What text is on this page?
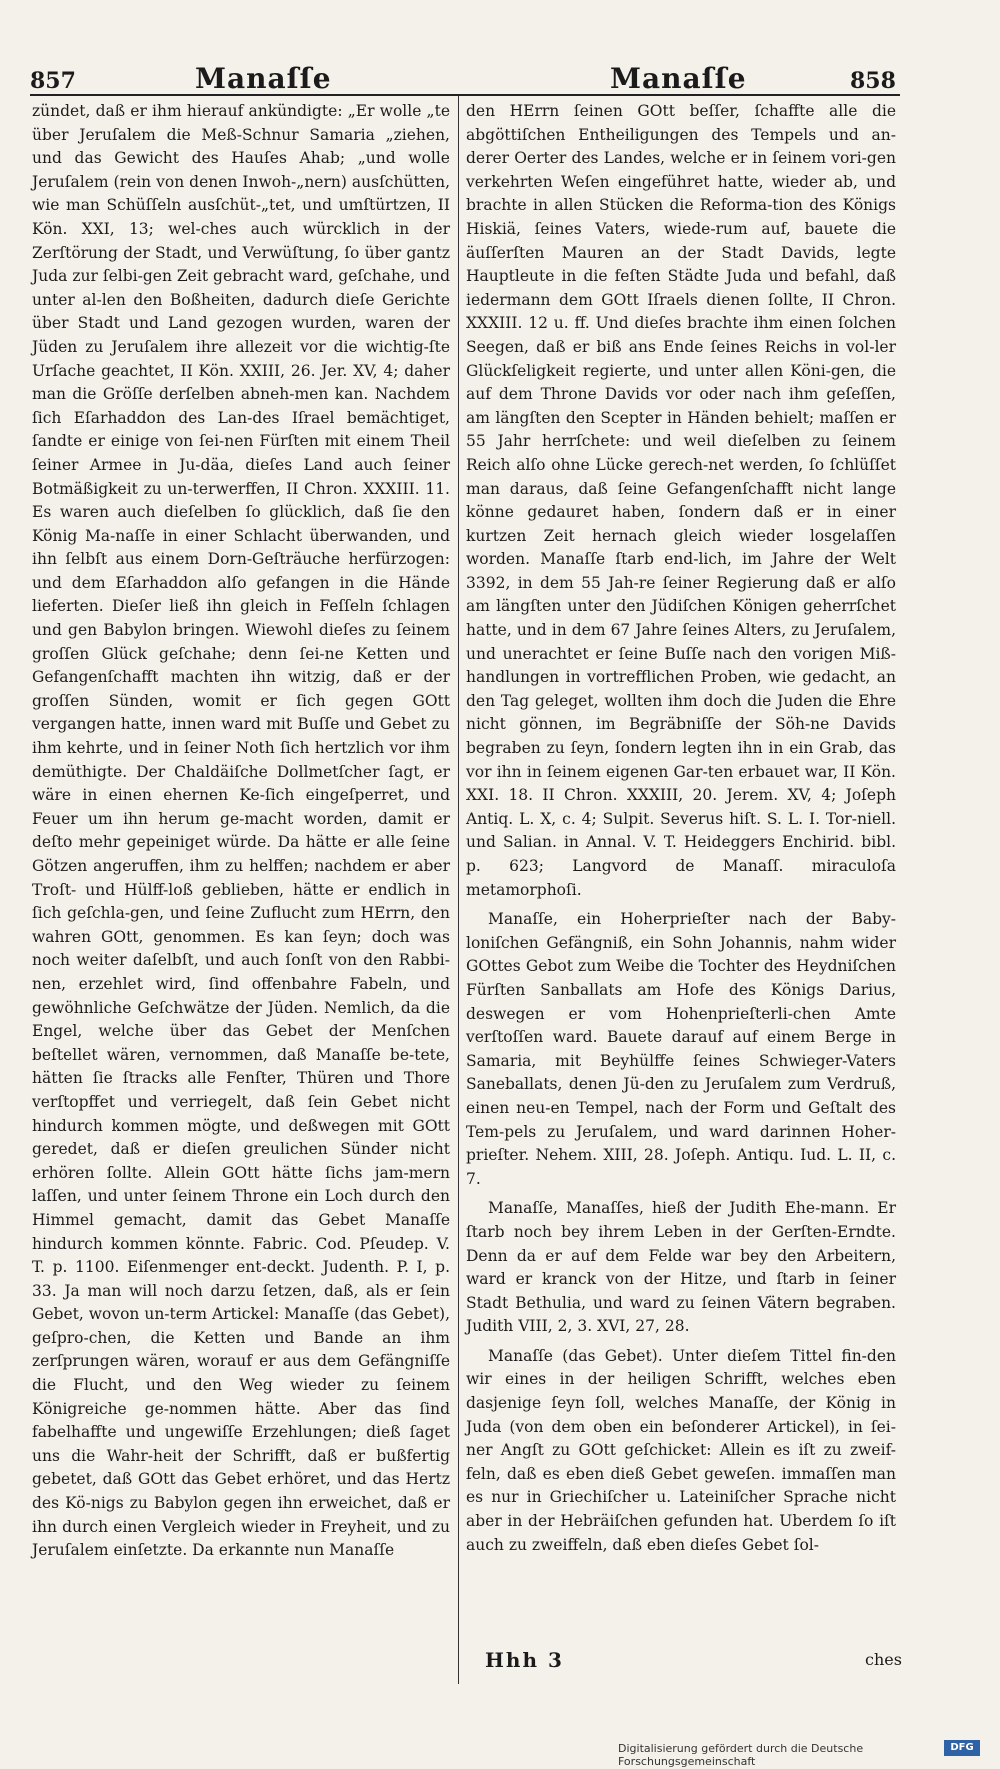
857	Manaſſe	Manaſſe	858

zündet, daß er ihm hierauf ankündigte: „Er wolle „te über Jeruſalem die Meß-Schnur Samaria „ziehen, und das Gewicht des Hauſes Ahab; „und wolle Jeruſalem (rein von denen Inwoh-„nern) ausſchütten, wie man Schüſſeln ausſchüt-„tet, und umſtürtzen, II Kön. XXI, 13; wel-ches auch würcklich in der Zerſtörung der Stadt, und Verwüſtung, ſo über gantz Juda zur ſelbi-gen Zeit gebracht ward, geſchahe, und unter al-len den Boßheiten, dadurch dieſe Gerichte über Stadt und Land gezogen wurden, waren der Jüden zu Jeruſalem ihre allezeit vor die wichtig-ſte Urſache geachtet, II Kön. XXIII, 26. Jer. XV, 4; daher man die Gröſſe derſelben abneh-men kan. Nachdem ſich Eſarhaddon des Lan-des Iſrael bemächtiget, ſandte er einige von ſei-nen Fürſten mit einem Theil ſeiner Armee in Ju-däa, dieſes Land auch ſeiner Botmäßigkeit zu un-terwerffen, II Chron. XXXIII. 11. Es waren auch dieſelben ſo glücklich, daß ſie den König Ma-naſſe in einer Schlacht überwanden, und ihn ſelbſt aus einem Dorn-Geſträuche herfürzogen: und dem Eſarhaddon alſo gefangen in die Hände lieferten. Dieſer ließ ihn gleich in Feſſeln ſchlagen und gen Babylon bringen. Wiewohl dieſes zu ſeinem groſſen Glück geſchahe; denn ſei-ne Ketten und Gefangenſchafft machten ihn witzig, daß er der groſſen Sünden, womit er ſich gegen GOtt vergangen hatte, innen ward mit Buſſe und Gebet zu ihm kehrte, und in ſeiner Noth ſich hertzlich vor ihm demüthigte. Der Chaldäiſche Dollmetſcher ſagt, er wäre in einen ehernen Ke-ſich eingeſperret, und Feuer um ihn herum ge-macht worden, damit er deſto mehr gepeiniget würde. Da hätte er alle ſeine Götzen angeruffen, ihm zu helffen; nachdem er aber Troſt- und Hülff-loß geblieben, hätte er endlich in ſich geſchla-gen, und ſeine Zuflucht zum HErrn, den wahren GOtt, genommen. Es kan ſeyn; doch was noch weiter daſelbſt, und auch ſonſt von den Rabbi-nen, erzehlet wird, ſind offenbahre Fabeln, und gewöhnliche Geſchwätze der Jüden. Nemlich, da die Engel, welche über das Gebet der Menſchen beſtellet wären, vernommen, daß Manaſſe be-tete, hätten ſie ſtracks alle Fenſter, Thüren und Thore verſtopffet und verriegelt, daß ſein Gebet nicht hindurch kommen mögte, und deßwegen mit GOtt geredet, daß er dieſen greulichen Sünder nicht erhören ſollte. Allein GOtt hätte ſichs jam-mern laſſen, und unter ſeinem Throne ein Loch durch den Himmel gemacht, damit das Gebet Manaſſe hindurch kommen könnte. Fabric. Cod. Pſeudep. V. T. p. 1100. Eiſenmenger ent-deckt. Judenth. P. I, p. 33. Ja man will noch darzu ſetzen, daß, als er ſein Gebet, wovon un-term Artickel: Manaſſe (das Gebet), geſpro-chen, die Ketten und Bande an ihm zerſprungen wären, worauf er aus dem Gefängniſſe die Flucht, und den Weg wieder zu ſeinem Königreiche ge-nommen hätte. Aber das ſind fabelhaffte und ungewiſſe Erzehlungen; dieß ſaget uns die Wahr-heit der Schrifft, daß er bußfertig gebetet, daß GOtt das Gebet erhöret, und das Hertz des Kö-nigs zu Babylon gegen ihn erweichet, daß er ihn durch einen Vergleich wieder in Freyheit, und zu Jeruſalem einſetzte. Da erkannte nun Manaſſe

den HErrn ſeinen GOtt beſſer, ſchaffte alle die abgöttiſchen Entheiligungen des Tempels und an-derer Oerter des Landes, welche er in ſeinem vori-gen verkehrten Weſen eingeführet hatte, wieder ab, und brachte in allen Stücken die Reforma-tion des Königs Hiskiä, ſeines Vaters, wiede-rum auf, bauete die äuſſerſten Mauren an der Stadt Davids, legte Hauptleute in die feſten Städte Juda und befahl, daß iedermann dem GOtt Iſraels dienen ſollte, II Chron. XXXIII. 12 u. ff. Und dieſes brachte ihm einen ſolchen Seegen, daß er biß ans Ende ſeines Reichs in vol-ler Glückſeligkeit regierte, und unter allen Köni-gen, die auf dem Throne Davids vor oder nach ihm geſeſſen, am längſten den Scepter in Händen behielt; maſſen er 55 Jahr herrſchete: und weil dieſelben zu ſeinem Reich alſo ohne Lücke gerech-net werden, ſo ſchlüſſet man daraus, daß ſeine Gefangenſchafft nicht lange könne gedauret haben, ſondern daß er in einer kurtzen Zeit hernach gleich wieder losgelaſſen worden. Manaſſe ſtarb end-lich, im Jahre der Welt 3392, in dem 55 Jah-re ſeiner Regierung daß er alſo am längſten unter den Jüdiſchen Königen geherrſchet hatte, und in dem 67 Jahre ſeines Alters, zu Jeruſalem, und unerachtet er ſeine Buſſe nach den vorigen Miß-handlungen in vortrefflichen Proben, wie gedacht, an den Tag geleget, wollten ihm doch die Juden die Ehre nicht gönnen, im Begräbniſſe der Söh-ne Davids begraben zu ſeyn, ſondern legten ihn in ein Grab, das vor ihn in ſeinem eigenen Gar-ten erbauet war, II Kön. XXI. 18. II Chron. XXXIII, 20. Jerem. XV, 4; Joſeph Antiq. L. X, c. 4; Sulpit. Severus hiſt. S. L. I. Tor-niell. und Salian. in Annal. V. T. Heideggers Enchirid. bibl. p. 623; Langvord de Manaſſ. miraculoſa metamorphoſi.

Manaſſe, ein Hoherprieſter nach der Baby-loniſchen Gefängniß, ein Sohn Johannis, nahm wider GOttes Gebot zum Weibe die Tochter des Heydniſchen Fürſten Sanballats am Hofe des Königs Darius, deswegen er vom Hohenprieſterli-chen Amte verſtoſſen ward. Bauete darauf auf einem Berge in Samaria, mit Beyhülffe ſeines Schwieger-Vaters Saneballats, denen Jü-den zu Jeruſalem zum Verdruß, einen neu-en Tempel, nach der Form und Geſtalt des Tem-pels zu Jeruſalem, und ward darinnen Hoher-prieſter. Nehem. XIII, 28. Joſeph. Antiqu. Iud. L. II, c. 7.

Manaſſe, Manaſſes, hieß der Judith Ehe-mann. Er ſtarb noch bey ihrem Leben in der Gerſten-Erndte. Denn da er auf dem Felde war bey den Arbeitern, ward er kranck von der Hitze, und ſtarb in ſeiner Stadt Bethulia, und ward zu ſeinen Vätern begraben. Judith VIII, 2, 3. XVI, 27, 28.

Manaſſe (das Gebet). Unter dieſem Tittel fin-den wir eines in der heiligen Schrifft, welches eben dasjenige ſeyn ſoll, welches Manaſſe, der König in Juda (von dem oben ein beſonderer Artickel), in ſei-ner Angſt zu GOtt geſchicket: Allein es iſt zu zweif-feln, daß es eben dieß Gebet geweſen. immaſſen man es nur in Griechiſcher u. Lateiniſcher Sprache nicht aber in der Hebräiſchen gefunden hat. Uberdem ſo iſt auch zu zweiffeln, daß eben dieſes Gebet ſol-

Hhh 3	ches
Digitalisierung gefördert durch die Deutsche Forschungsgemeinschaft
DFG
